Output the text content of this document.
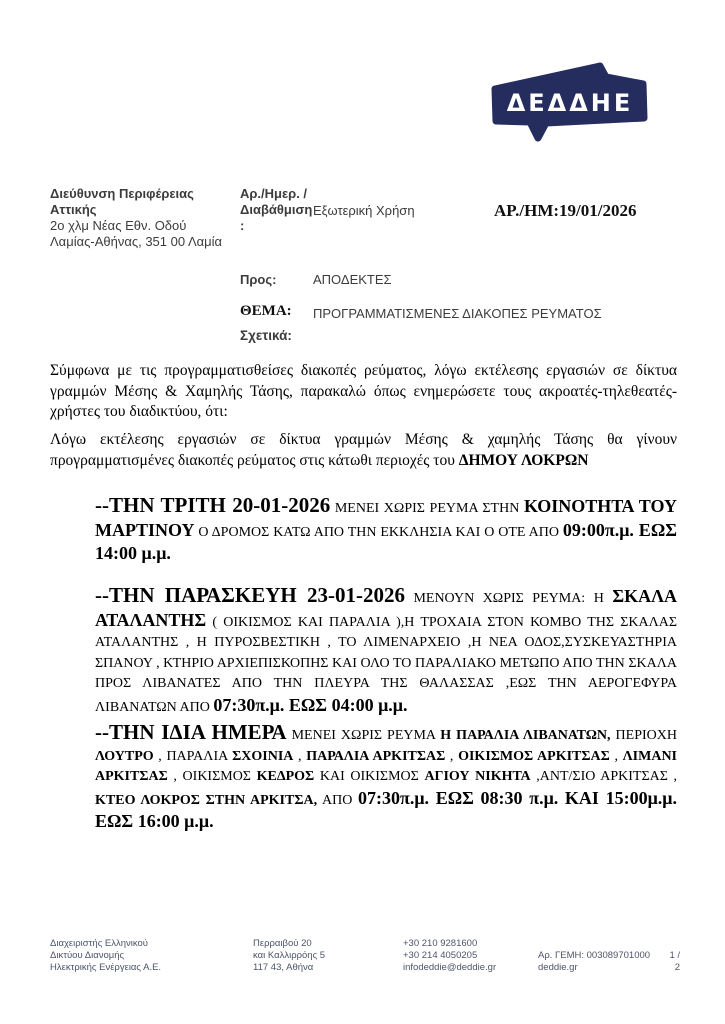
ΔΕΔΔΗΕ
Διεύθυνση Περιφέρειας Αττικής
2ο χλμ Νέας Εθν. Οδού
Λαμίας-Αθήνας, 351 00 Λαμία
Αρ./Ημερ. / Διαβάθμιση:
Εξωτερική Χρήση	ΑΡ./ΗΜ:19/01/2026
Προς:	ΑΠΟΔΕΚΤΕΣ
ΘΕΜΑ: ΠΡΟΓΡΑΜΜΑΤΙΣΜΕΝΕΣ ΔΙΑΚΟΠΕΣ ΡΕΥΜΑΤΟΣ
Σχετικά:
Σύμφωνα με τις προγραμματισθείσες διακοπές ρεύματος, λόγω εκτέλεσης εργασιών σε δίκτυα γραμμών Μέσης & Χαμηλής Τάσης, παρακαλώ όπως ενημερώσετε τους ακροατές-τηλεθεατές-χρήστες του διαδικτύου, ότι:
Λόγω εκτέλεσης εργασιών σε δίκτυα γραμμών Μέσης & χαμηλής Τάσης θα γίνουν προγραμματισμένες διακοπές ρεύματος στις κάτωθι περιοχές του ΔΗΜΟΥ ΛΟΚΡΩΝ

--ΤΗΝ ΤΡΙΤΗ 20-01-2026 ΜΕΝΕΙ ΧΩΡΙΣ ΡΕΥΜΑ ΣΤΗΝ ΚΟΙΝΟΤΗΤΑ ΤΟΥ ΜΑΡΤΙΝΟΥ Ο ΔΡΟΜΟΣ ΚΑΤΩ ΑΠΟ ΤΗΝ ΕΚΚΛΗΣΙΑ ΚΑΙ Ο ΟΤΕ ΑΠΟ 09:00π.μ. ΕΩΣ 14:00 μ.μ.

--ΤΗΝ ΠΑΡΑΣΚΕΥΗ 23-01-2026 ΜΕΝΟΥΝ ΧΩΡΙΣ ΡΕΥΜΑ: Η ΣΚΑΛΑ ΑΤΑΛΑΝΤΗΣ ( ΟΙΚΙΣΜΟΣ ΚΑΙ ΠΑΡΑΛΙΑ ),Η ΤΡΟΧΑΙΑ ΣΤΟΝ ΚΟΜΒΟ ΤΗΣ ΣΚΑΛΑΣ ΑΤΑΛΑΝΤΗΣ , Η ΠΥΡΟΣΒΕΣΤΙΚΗ , ΤΟ ΛΙΜΕΝΑΡΧΕΙΟ ,Η ΝΕΑ ΟΔΟΣ,ΣΥΣΚΕΥΑΣΤΗΡΙΑ ΣΠΑΝΟΥ , ΚΤΗΡΙΟ ΑΡΧΙΕΠΙΣΚΟΠΗΣ ΚΑΙ ΟΛΟ ΤΟ ΠΑΡΑΛΙΑΚΟ ΜΕΤΩΠΟ ΑΠΟ ΤΗΝ ΣΚΑΛΑ ΠΡΟΣ ΛΙΒΑΝΑΤΕΣ ΑΠΟ ΤΗΝ ΠΛΕΥΡΑ ΤΗΣ ΘΑΛΑΣΣΑΣ ,ΕΩΣ ΤΗΝ ΑΕΡΟΓΕΦΥΡΑ ΛΙΒΑΝΑΤΩΝ ΑΠΟ 07:30π.μ. ΕΩΣ 04:00 μ.μ.

--ΤΗΝ ΙΔΙΑ ΗΜΕΡΑ ΜΕΝΕΙ ΧΩΡΙΣ ΡΕΥΜΑ Η ΠΑΡΑΛΙΑ ΛΙΒΑΝΑΤΩΝ, ΠΕΡΙΟΧΗ ΛΟΥΤΡΟ , ΠΑΡΑΛΙΑ ΣΧΟΙΝΙΑ , ΠΑΡΑΛΙΑ ΑΡΚΙΤΣΑΣ , ΟΙΚΙΣΜΟΣ ΑΡΚΙΤΣΑΣ , ΛΙΜΑΝΙ ΑΡΚΙΤΣΑΣ , ΟΙΚΙΣΜΟΣ ΚΕΔΡΟΣ ΚΑΙ ΟΙΚΙΣΜΟΣ ΑΓΙΟΥ ΝΙΚΗΤΑ ,ΑΝΤ/ΣΙΟ ΑΡΚΙΤΣΑΣ , ΚΤΕΟ ΛΟΚΡΟΣ ΣΤΗΝ ΑΡΚΙΤΣΑ, ΑΠΟ 07:30π.μ. ΕΩΣ 08:30 π.μ. ΚΑΙ 15:00μ.μ. ΕΩΣ 16:00 μ.μ.

Διαχειριστής Ελληνικού
Δικτύου Διανομής
Ηλεκτρικής Ενέργειας Α.Ε.
Περραιβού 20
και Καλλιρρόης 5
117 43, Αθήνα
+30 210 9281600
+30 214 4050205
infodeddie@deddie.gr
Αρ. ΓΕΜΗ: 003089701000
deddie.gr
1 /
2
